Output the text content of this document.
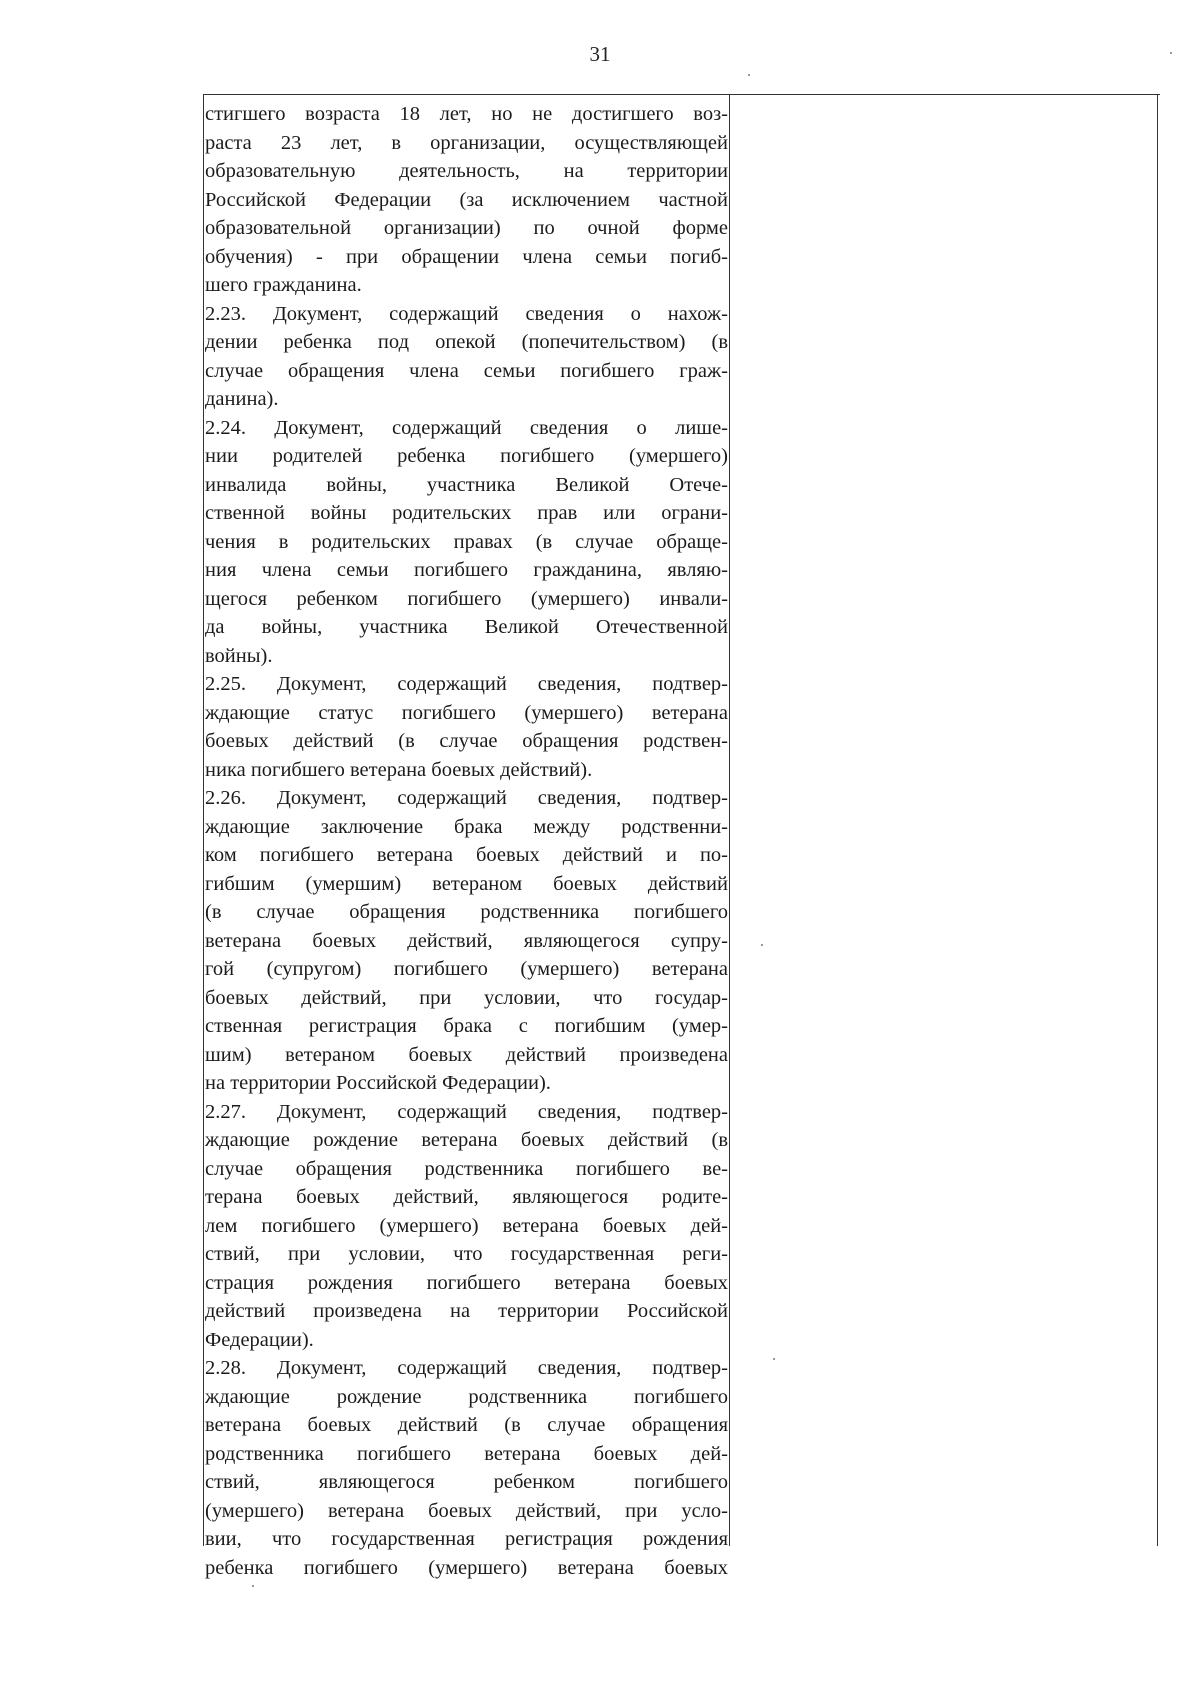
31
стигшего возраста 18 лет, но не достигшего воз-
раста 23 лет, в организации, осуществляющей
образовательную деятельность, на территории
Российской Федерации (за исключением частной
образовательной организации) по очной форме
обучения) - при обращении члена семьи погиб-
шего гражданина.
2.23. Документ, содержащий сведения о нахож-
дении ребенка под опекой (попечительством) (в
случае обращения члена семьи погибшего граж-
данина).
2.24. Документ, содержащий сведения о лише-
нии родителей ребенка погибшего (умершего)
инвалида войны, участника Великой Отече-
ственной войны родительских прав или ограни-
чения в родительских правах (в случае обраще-
ния члена семьи погибшего гражданина, являю-
щегося ребенком погибшего (умершего) инвали-
да войны, участника Великой Отечественной
войны).
2.25. Документ, содержащий сведения, подтвер-
ждающие статус погибшего (умершего) ветерана
боевых действий (в случае обращения родствен-
ника погибшего ветерана боевых действий).
2.26. Документ, содержащий сведения, подтвер-
ждающие заключение брака между родственни-
ком погибшего ветерана боевых действий и по-
гибшим (умершим) ветераном боевых действий
(в случае обращения родственника погибшего
ветерана боевых действий, являющегося супру-
гой (супругом) погибшего (умершего) ветерана
боевых действий, при условии, что государ-
ственная регистрация брака с погибшим (умер-
шим) ветераном боевых действий произведена
на территории Российской Федерации).
2.27. Документ, содержащий сведения, подтвер-
ждающие рождение ветерана боевых действий (в
случае обращения родственника погибшего ве-
терана боевых действий, являющегося родите-
лем погибшего (умершего) ветерана боевых дей-
ствий, при условии, что государственная реги-
страция рождения погибшего ветерана боевых
действий произведена на территории Российской
Федерации).
2.28. Документ, содержащий сведения, подтвер-
ждающие рождение родственника погибшего
ветерана боевых действий (в случае обращения
родственника погибшего ветерана боевых дей-
ствий, являющегося ребенком погибшего
(умершего) ветерана боевых действий, при усло-
вии, что государственная регистрация рождения
ребенка погибшего (умершего) ветерана боевых
